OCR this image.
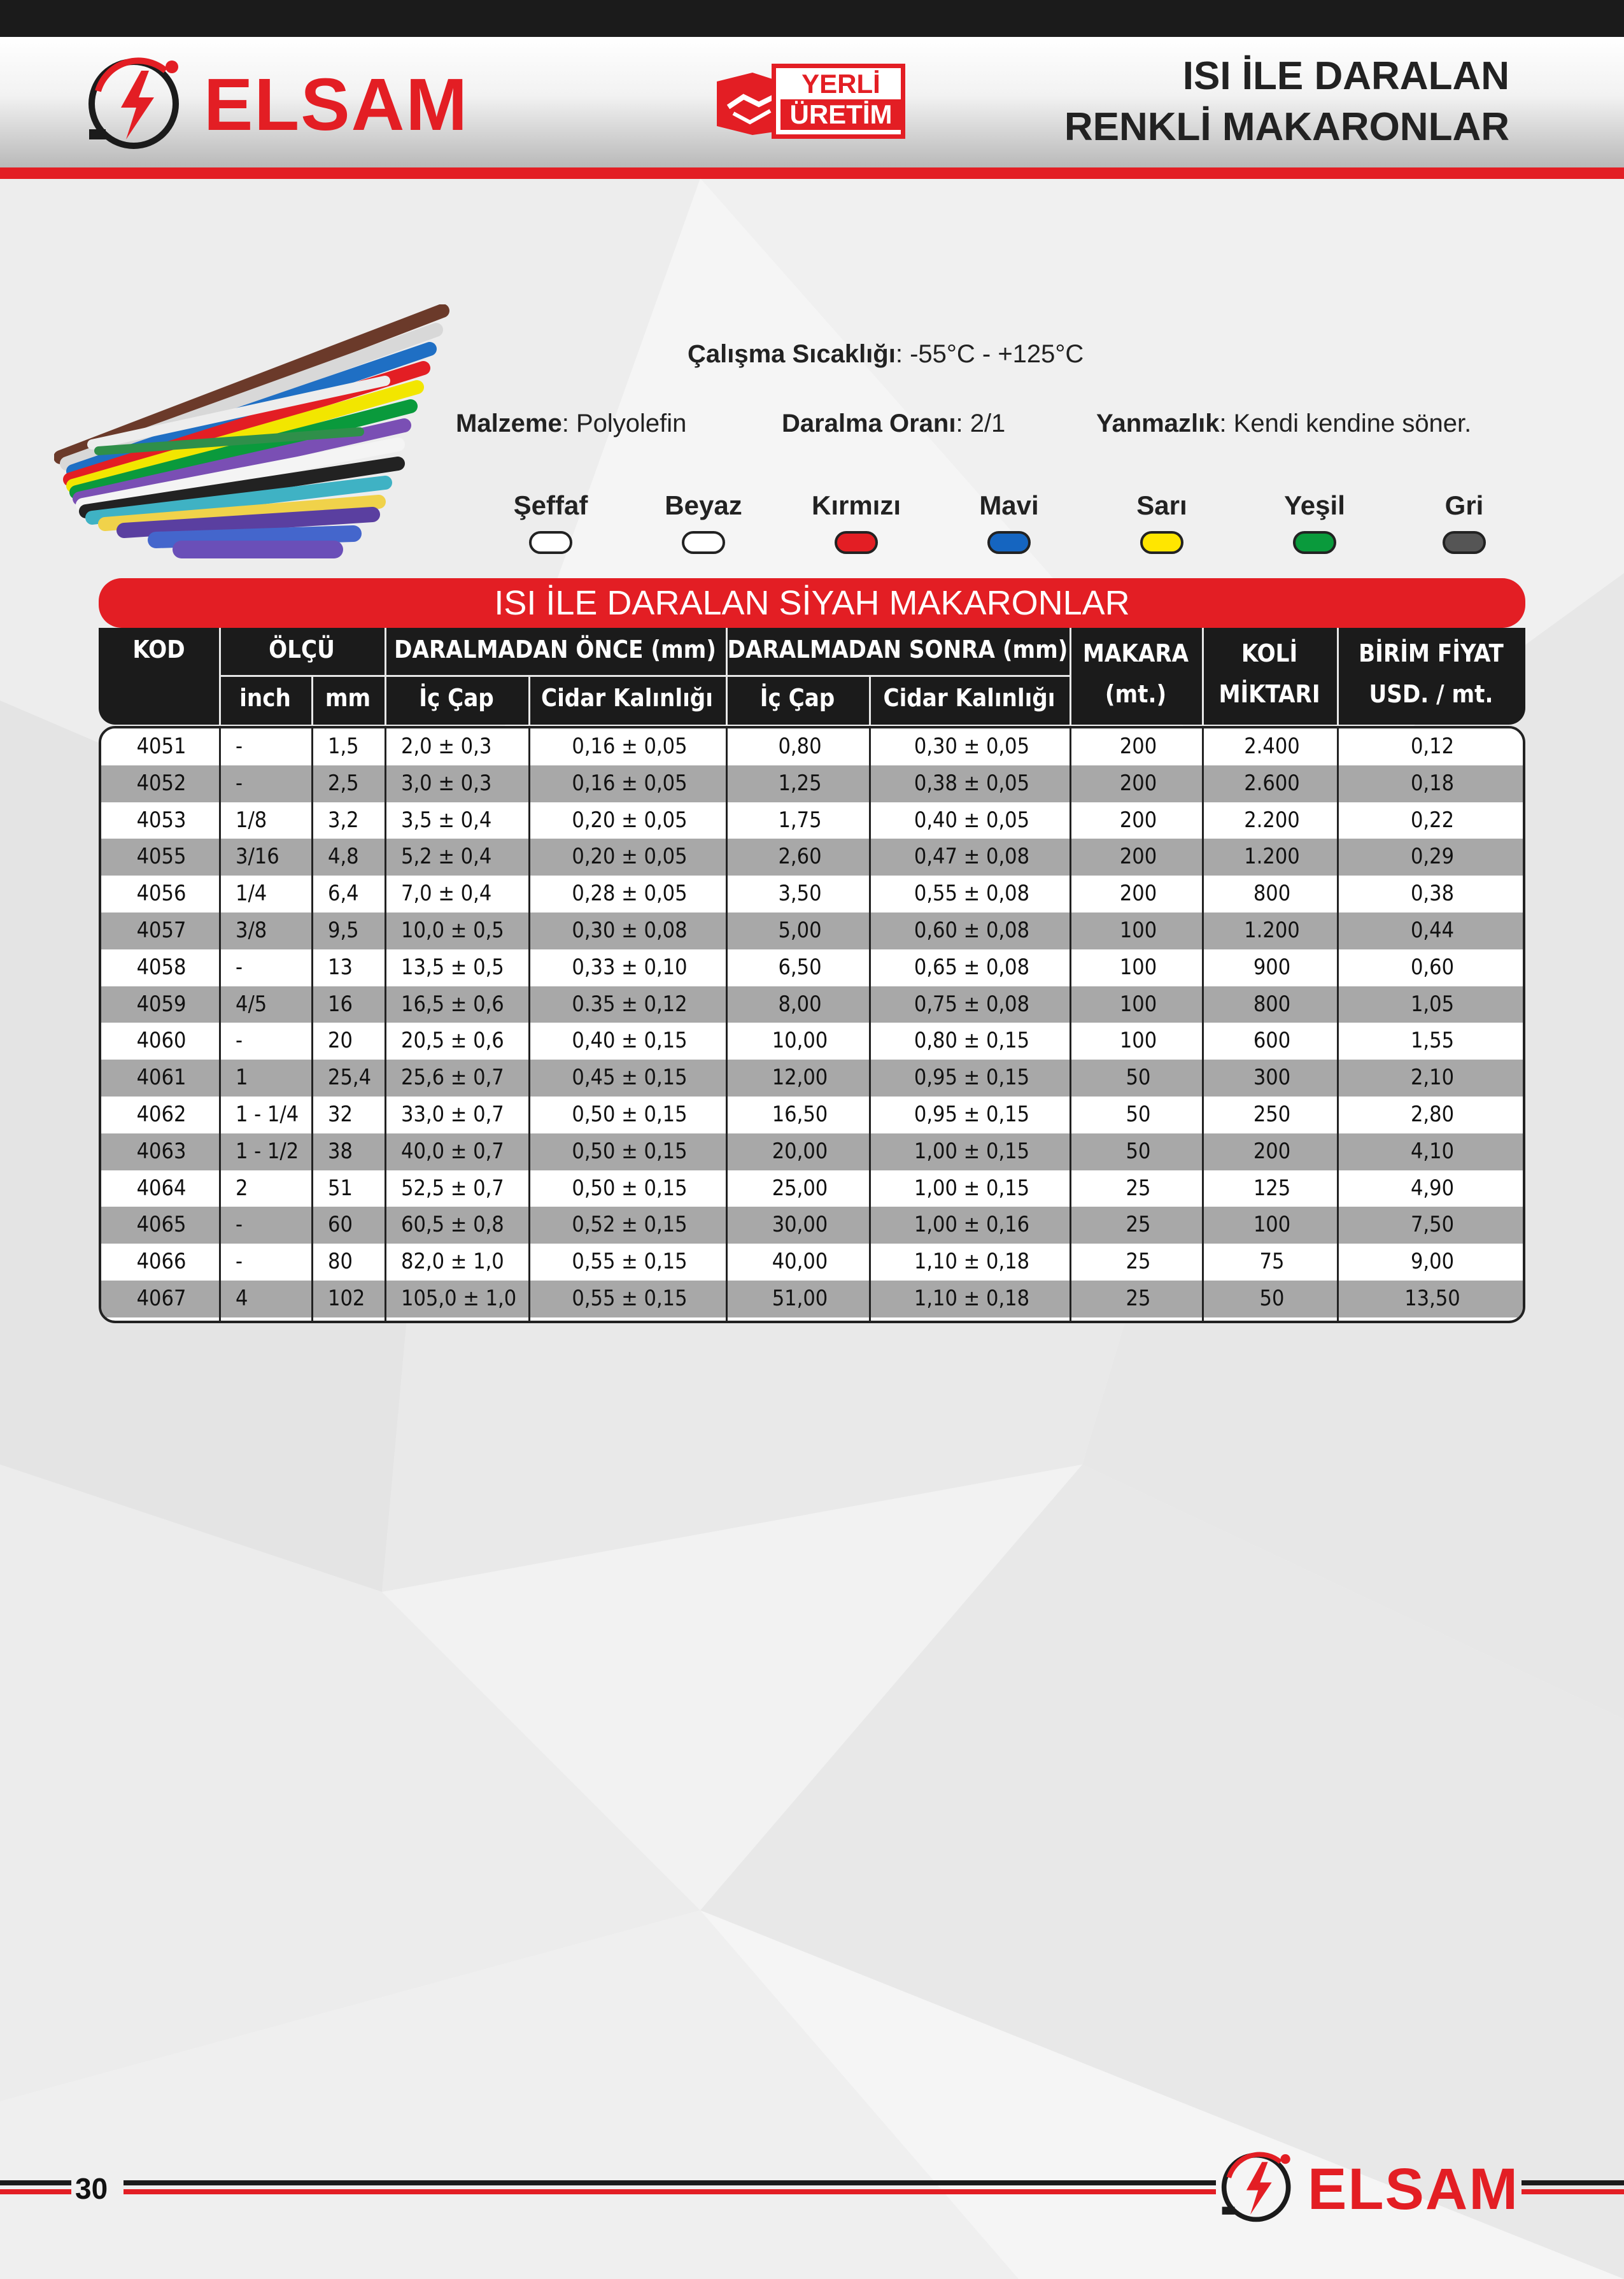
ELSAM	YERLİ
ÜRETİM
ISI İLE DARALAN
RENKLİ MAKARONLAR
Çalışma Sıcaklığı: -55°C - +125°C
Malzeme: Polyolefin	Daralma Oranı: 2/1	Yanmazlık: Kendi kendine söner.
Şeffaf	Beyaz	Kırmızı	Mavi	Sarı	Yeşil	Gri
ISI İLE DARALAN SİYAH MAKARONLAR
KOD	ÖLÇÜ
inch	mm
DARALMADAN ÖNCE (mm)
İç Çap	Cidar Kalınlığı
DARALMADAN SONRA (mm)
İç Çap	Cidar Kalınlığı
MAKARA
(mt.)
KOLİ
MİKTARI
BİRİM FİYAT
USD. / mt.
4051	-	1,5	2,0 ± 0,3	0,16 ± 0,05	0,80	0,30 ± 0,05	200	2.400	0,12
4052	-	2,5	3,0 ± 0,3	0,16 ± 0,05	1,25	0,38 ± 0,05	200	2.600	0,18
4053	1/8	3,2	3,5 ± 0,4	0,20 ± 0,05	1,75	0,40 ± 0,05	200	2.200	0,22
4055	3/16	4,8	5,2 ± 0,4	0,20 ± 0,05	2,60	0,47 ± 0,08	200	1.200	0,29
4056	1/4	6,4	7,0 ± 0,4	0,28 ± 0,05	3,50	0,55 ± 0,08	200	800	0,38
4057	3/8	9,5	10,0 ± 0,5	0,30 ± 0,08	5,00	0,60 ± 0,08	100	1.200	0,44
4058	-	13	13,5 ± 0,5	0,33 ± 0,10	6,50	0,65 ± 0,08	100	900	0,60
4059	4/5	16	16,5 ± 0,6	0.35 ± 0,12	8,00	0,75 ± 0,08	100	800	1,05
4060	-	20	20,5 ± 0,6	0,40 ± 0,15	10,00	0,80 ± 0,15	100	600	1,55
4061	1	25,4	25,6 ± 0,7	0,45 ± 0,15	12,00	0,95 ± 0,15	50	300	2,10
4062	1 - 1/4	32	33,0 ± 0,7	0,50 ± 0,15	16,50	0,95 ± 0,15	50	250	2,80
4063	1 - 1/2	38	40,0 ± 0,7	0,50 ± 0,15	20,00	1,00 ± 0,15	50	200	4,10
4064	2	51	52,5 ± 0,7	0,50 ± 0,15	25,00	1,00 ± 0,15	25	125	4,90
4065	-	60	60,5 ± 0,8	0,52 ± 0,15	30,00	1,00 ± 0,16	25	100	7,50
4066	-	80	82,0 ± 1,0	0,55 ± 0,15	40,00	1,10 ± 0,18	25	75	9,00
4067	4	102	105,0 ± 1,0	0,55 ± 0,15	51,00	1,10 ± 0,18	25	50	13,50
30	ELSAM
